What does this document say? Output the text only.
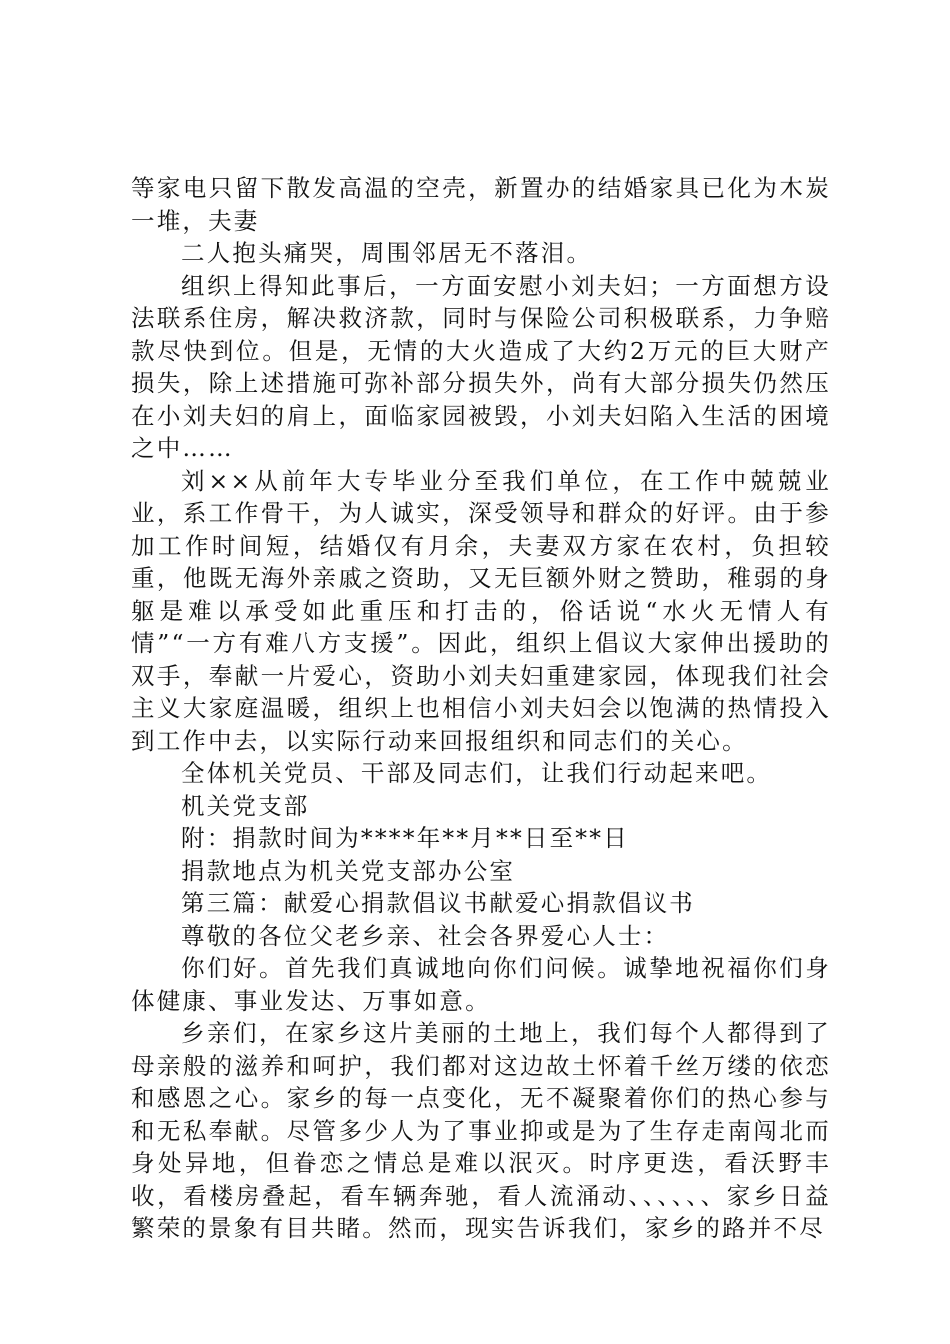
等家电只留下散发高温的空壳，新置办的结婚家具已化为木炭一堆，夫妻

二人抱头痛哭，周围邻居无不落泪。

组织上得知此事后，一方面安慰小刘夫妇；一方面想方设法联系住房，解决救济款，同时与保险公司积极联系，力争赔款尽快到位。但是，无情的大火造成了大约2万元的巨大财产损失，除上述措施可弥补部分损失外，尚有大部分损失仍然压在小刘夫妇的肩上，面临家园被毁，小刘夫妇陷入生活的困境之中……

刘××从前年大专毕业分至我们单位，在工作中兢兢业业，系工作骨干，为人诚实，深受领导和群众的好评。由于参加工作时间短，结婚仅有月余，夫妻双方家在农村，负担较重，他既无海外亲戚之资助，又无巨额外财之赞助，稚弱的身躯是难以承受如此重压和打击的，俗话说“水火无情人有情”“一方有难八方支援”。因此，组织上倡议大家伸出援助的双手，奉献一片爱心，资助小刘夫妇重建家园，体现我们社会主义大家庭温暖，组织上也相信小刘夫妇会以饱满的热情投入到工作中去，以实际行动来回报组织和同志们的关心。

全体机关党员、干部及同志们，让我们行动起来吧。

机关党支部

附：捐款时间为****年**月**日至**日

捐款地点为机关党支部办公室

第三篇：献爱心捐款倡议书献爱心捐款倡议书

尊敬的各位父老乡亲、社会各界爱心人士：

你们好。首先我们真诚地向你们问候。诚挚地祝福你们身体健康、事业发达、万事如意。

乡亲们，在家乡这片美丽的土地上，我们每个人都得到了母亲般的滋养和呵护，我们都对这边故土怀着千丝万缕的依恋和感恩之心。家乡的每一点变化，无不凝聚着你们的热心参与和无私奉献。尽管多少人为了事业抑或是为了生存走南闯北而身处异地，但眷恋之情总是难以泯灭。时序更迭，看沃野丰收，看楼房叠起，看车辆奔驰，看人流涌动、、、、、、家乡日益繁荣的景象有目共睹。然而，现实告诉我们，家乡的路并不尽
